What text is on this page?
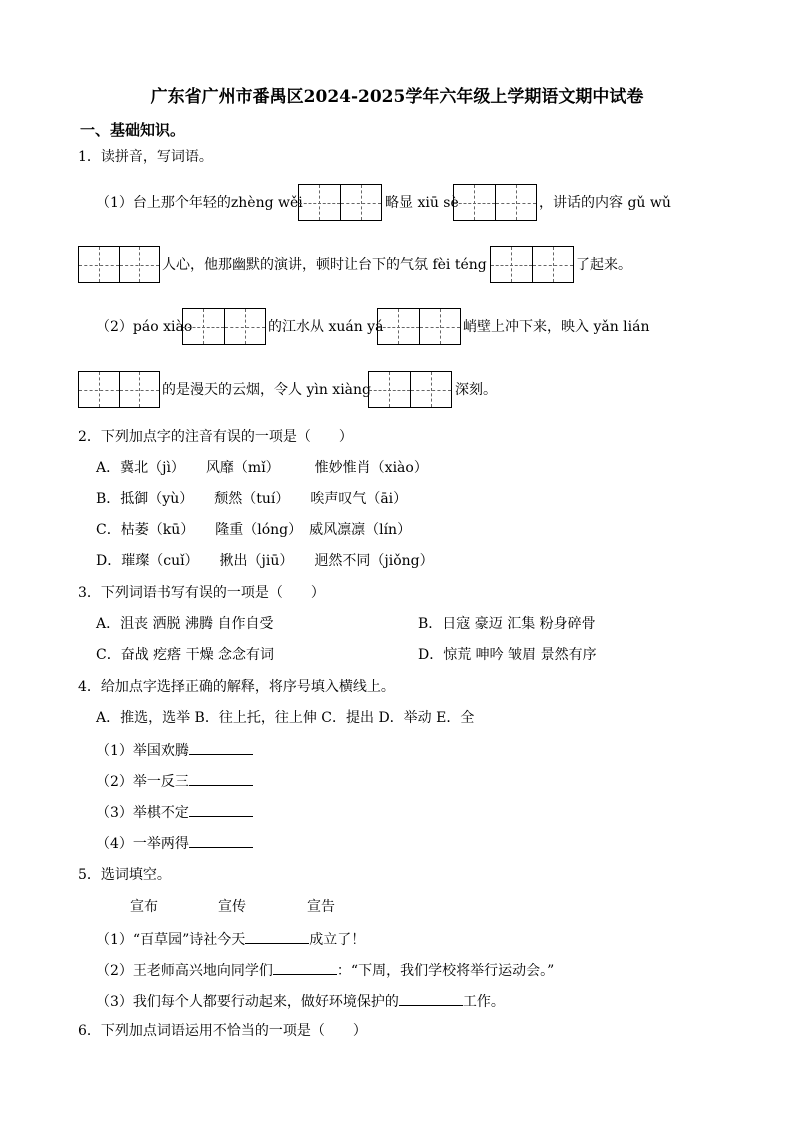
广东省广州市番禺区2024-2025学年六年级上学期语文期中试卷
一、基础知识。
1．读拼音，写词语。
（1）台上那个年轻的zhèng wěi	略显 xiū sè	，讲话的内容 gǔ wǔ
人心，他那幽默的演讲，顿时让台下的气氛 fèi téng	了起来。
（2）páo xiào	的江水从 xuán yá	峭壁上冲下来，映入 yǎn lián
的是漫天的云烟，令人 yìn xiàng	深刻。
2．下列加点字的注音有误的一项是（　　）
A．冀北（jì）　　风靡（mǐ）　　　惟妙惟肖（xiào）
B．抵御（yù）　　颓然（tuí）　　唉声叹气（āi）
C．枯萎（kū）　　隆重（lóng）　威风凛凛（lín）
D．璀璨（cuǐ）　　揪出（jiū）　　迥然不同（jiǒng）
3．下列词语书写有误的一项是（　　）
A．沮丧 洒脱 沸腾 自作自受	B．日寇 豪迈 汇集 粉身碎骨
C．奋战 疙瘩 干燥 念念有词	D．惊荒 呻吟 皱眉 景然有序
4．给加点字选择正确的解释，将序号填入横线上。
A．推选，选举 B．往上托，往上伸 C．提出 D．举动 E．全
（1）举国欢腾
（2）举一反三
（3）举棋不定
（4）一举两得
5．选词填空。
宣布	宣传	宣告
（1）“百草园”诗社今天	成立了！
（2）王老师高兴地向同学们	：“下周，我们学校将举行运动会。”
（3）我们每个人都要行动起来，做好环境保护的	工作。
6．下列加点词语运用不恰当的一项是（　　）
